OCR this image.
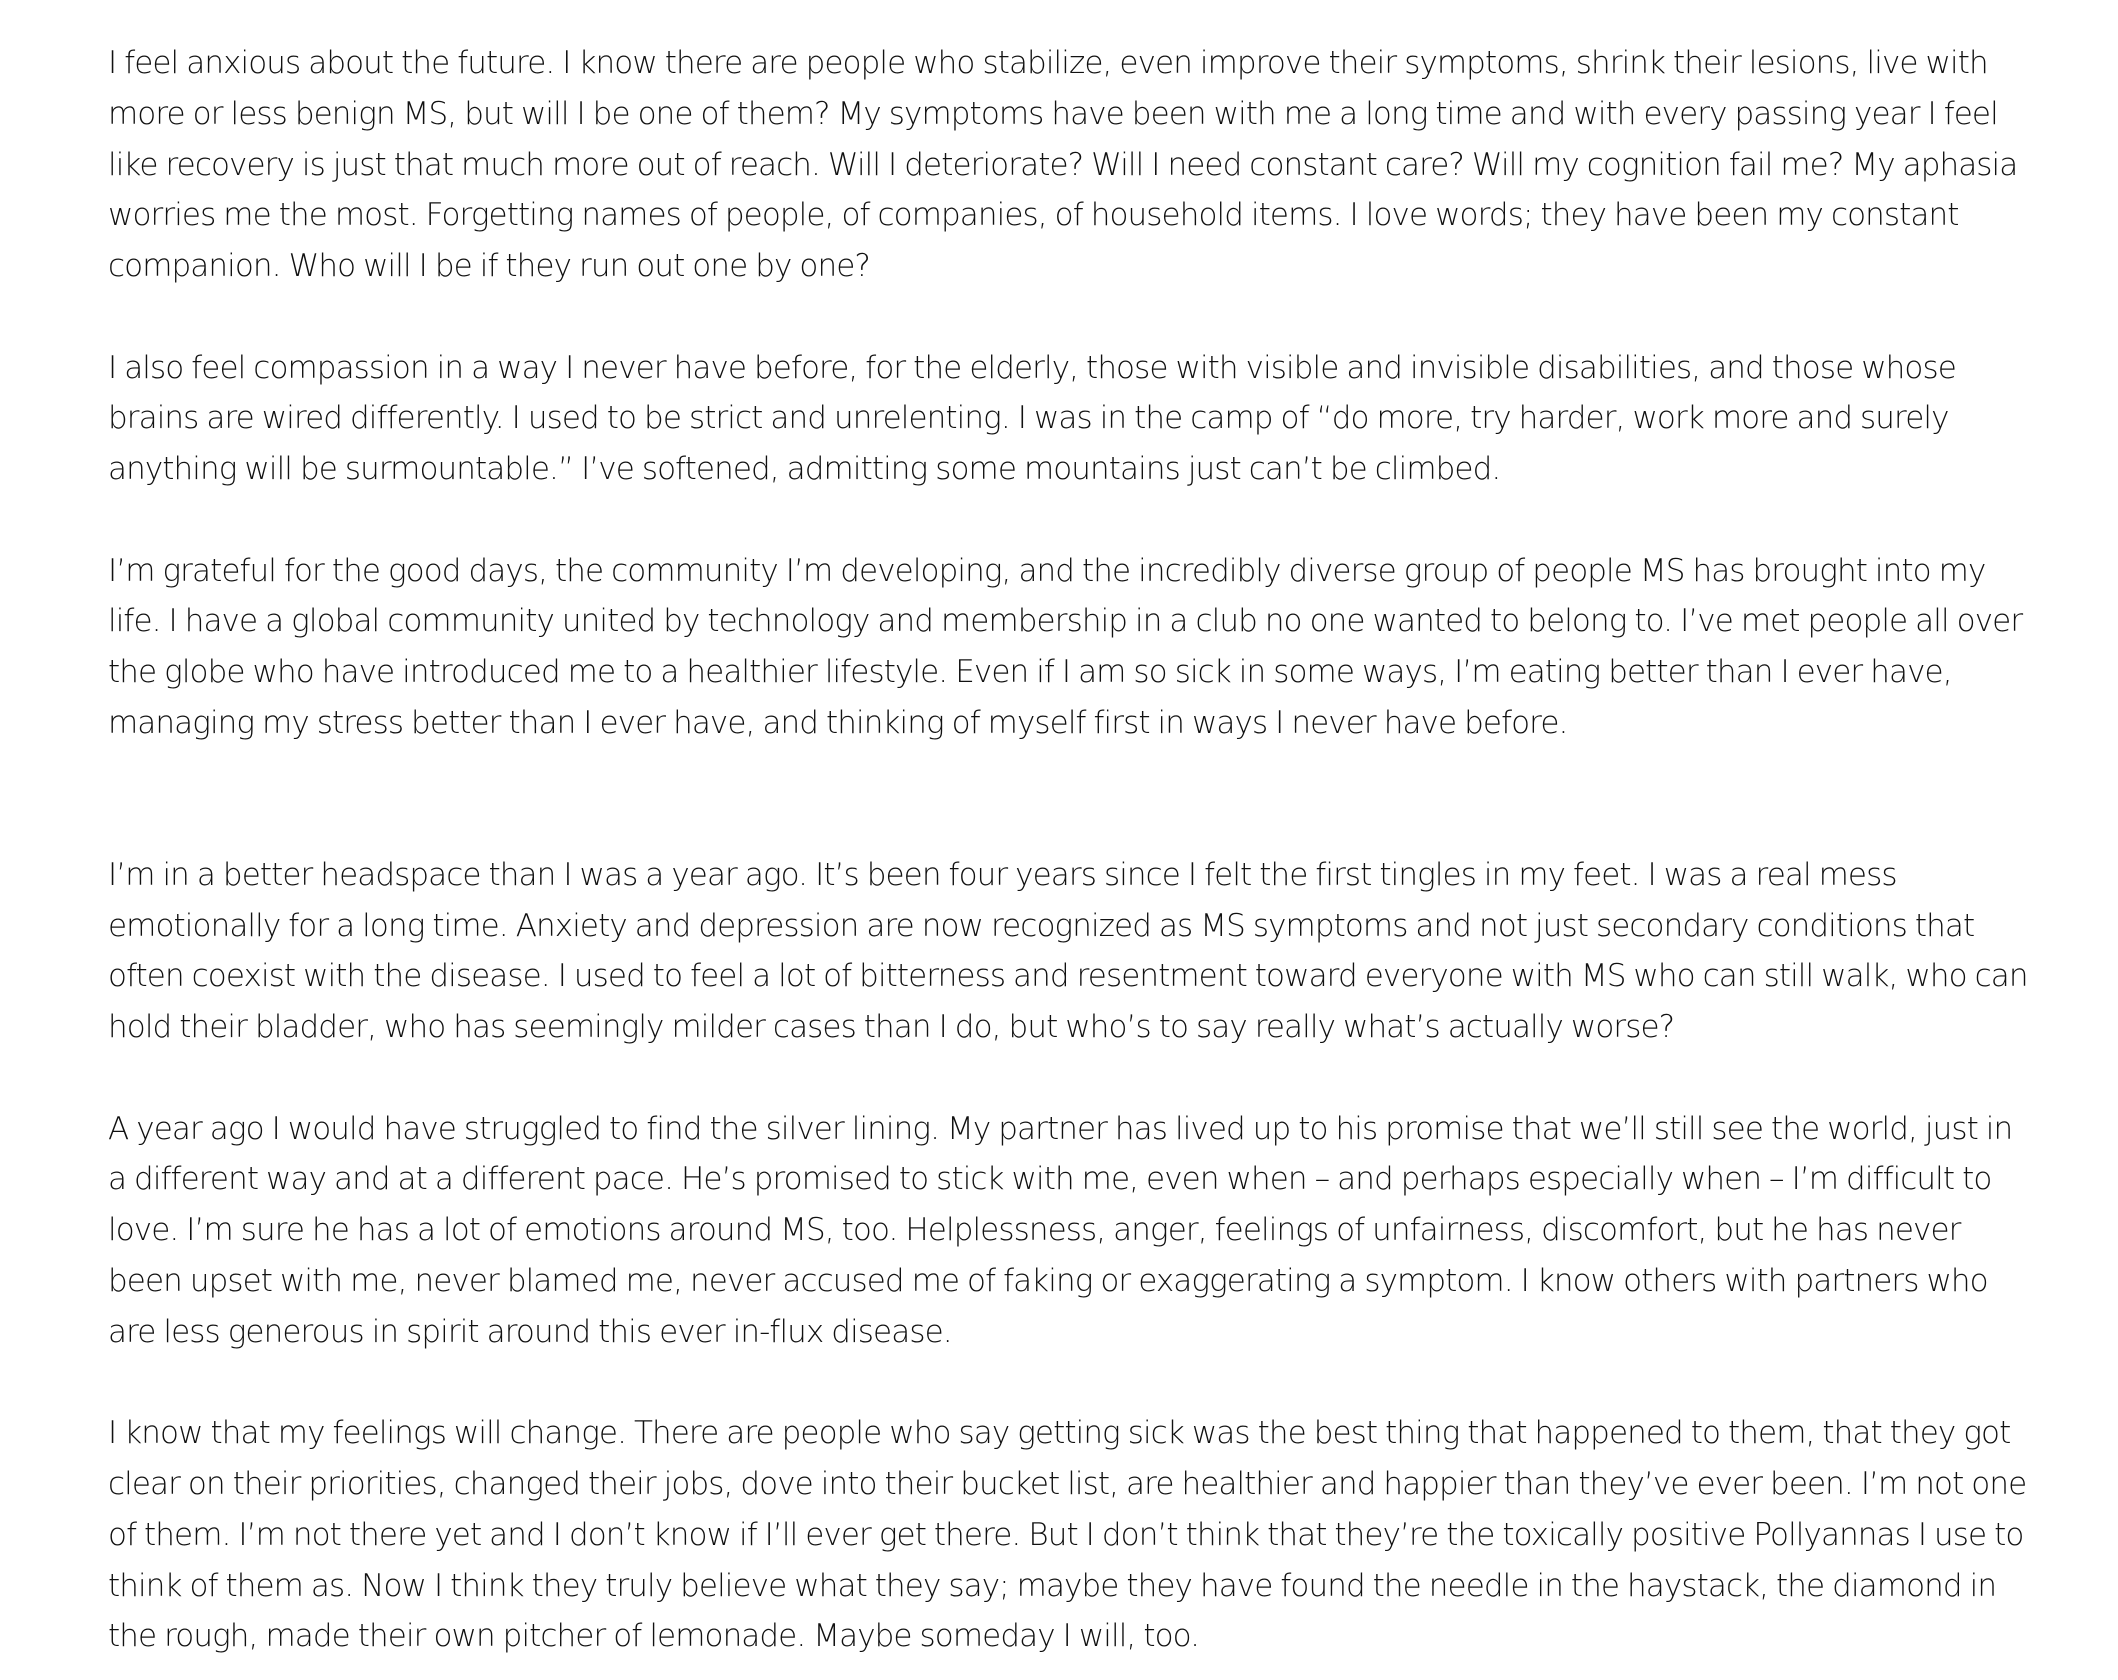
I feel anxious about the future. I know there are people who stabilize, even improve their symptoms, shrink their lesions, live with more or less benign MS, but will I be one of them? My symptoms have been with me a long time and with every passing year I feel like recovery is just that much more out of reach. Will I deteriorate? Will I need constant care? Will my cognition fail me? My aphasia worries me the most. Forgetting names of people, of companies, of household items. I love words; they have been my constant companion. Who will I be if they run out one by one?

I also feel compassion in a way I never have before, for the elderly, those with visible and invisible disabilities, and those whose brains are wired differently. I used to be strict and unrelenting. I was in the camp of “do more, try harder, work more and surely anything will be surmountable.” I’ve softened, admitting some mountains just can’t be climbed.

I’m grateful for the good days, the community I’m developing, and the incredibly diverse group of people MS has brought into my life. I have a global community united by technology and membership in a club no one wanted to belong to. I’ve met people all over the globe who have introduced me to a healthier lifestyle. Even if I am so sick in some ways, I’m eating better than I ever have, managing my stress better than I ever have, and thinking of myself first in ways I never have before.

I’m in a better headspace than I was a year ago. It’s been four years since I felt the first tingles in my feet. I was a real mess emotionally for a long time. Anxiety and depression are now recognized as MS symptoms and not just secondary conditions that often coexist with the disease. I used to feel a lot of bitterness and resentment toward everyone with MS who can still walk, who can hold their bladder, who has seemingly milder cases than I do, but who’s to say really what’s actually worse?

A year ago I would have struggled to find the silver lining. My partner has lived up to his promise that we’ll still see the world, just in a different way and at a different pace. He’s promised to stick with me, even when – and perhaps especially when – I’m difficult to love. I’m sure he has a lot of emotions around MS, too. Helplessness, anger, feelings of unfairness, discomfort, but he has never been upset with me, never blamed me, never accused me of faking or exaggerating a symptom. I know others with partners who are less generous in spirit around this ever in-flux disease.

I know that my feelings will change. There are people who say getting sick was the best thing that happened to them, that they got clear on their priorities, changed their jobs, dove into their bucket list, are healthier and happier than they’ve ever been. I’m not one of them. I’m not there yet and I don’t know if I’ll ever get there. But I don’t think that they’re the toxically positive Pollyannas I use to think of them as. Now I think they truly believe what they say; maybe they have found the needle in the haystack, the diamond in the rough, made their own pitcher of lemonade. Maybe someday I will, too.
